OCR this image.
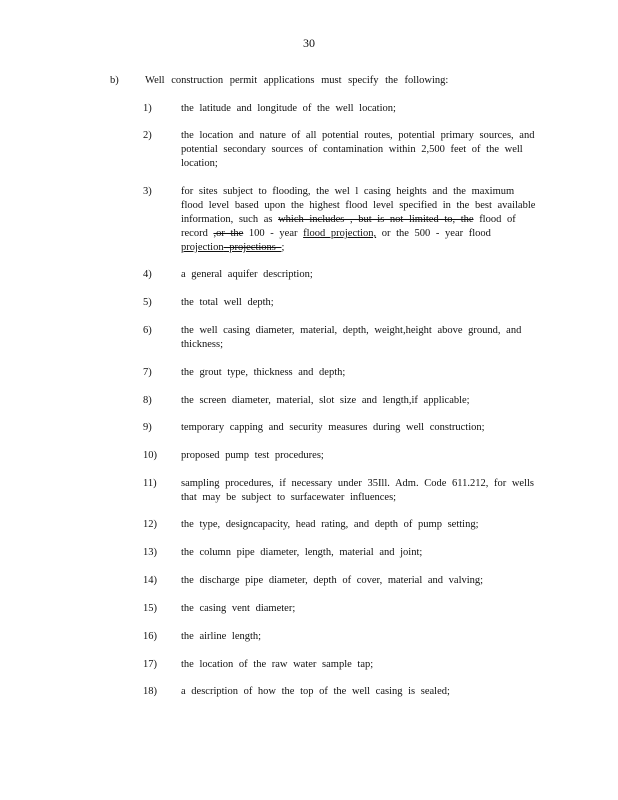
30
b)	Well construction permit applications must specify the following:
1)	the latitude and longitude of the well location;
2)	the location and nature of all potential routes, potential primary sources, and potential secondary sources of contamination within 2,500 feet of the well location;
3)	for sites subject to flooding, the wel l casing heights and the maximum flood level based upon the highest flood level specified in the best available information, such as which includes , but is not limited to, the flood of record ,or the 100 - year flood projection, or the 500 - year flood projection projections ;
4)	a general aquifer description;
5)	the total well depth;
6)	the well casing diameter, material, depth, weight,height above ground, and thickness;
7)	the grout type, thickness and depth;
8)	the screen diameter, material, slot size and length,if applicable;
9)	temporary capping and security measures during well construction;
10)	proposed pump test procedures;
11)	sampling procedures, if necessary under 35Ill. Adm. Code 611.212, for wells that may be subject to surfacewater influences;
12)	the type, designcapacity, head rating, and depth of pump setting;
13)	the column pipe diameter, length, material and joint;
14)	the discharge pipe diameter, depth of cover, material and valving;
15)	the casing vent diameter;
16)	the airline length;
17)	the location of the raw water sample tap;
18)	a description of how the top of the well casing is sealed;
